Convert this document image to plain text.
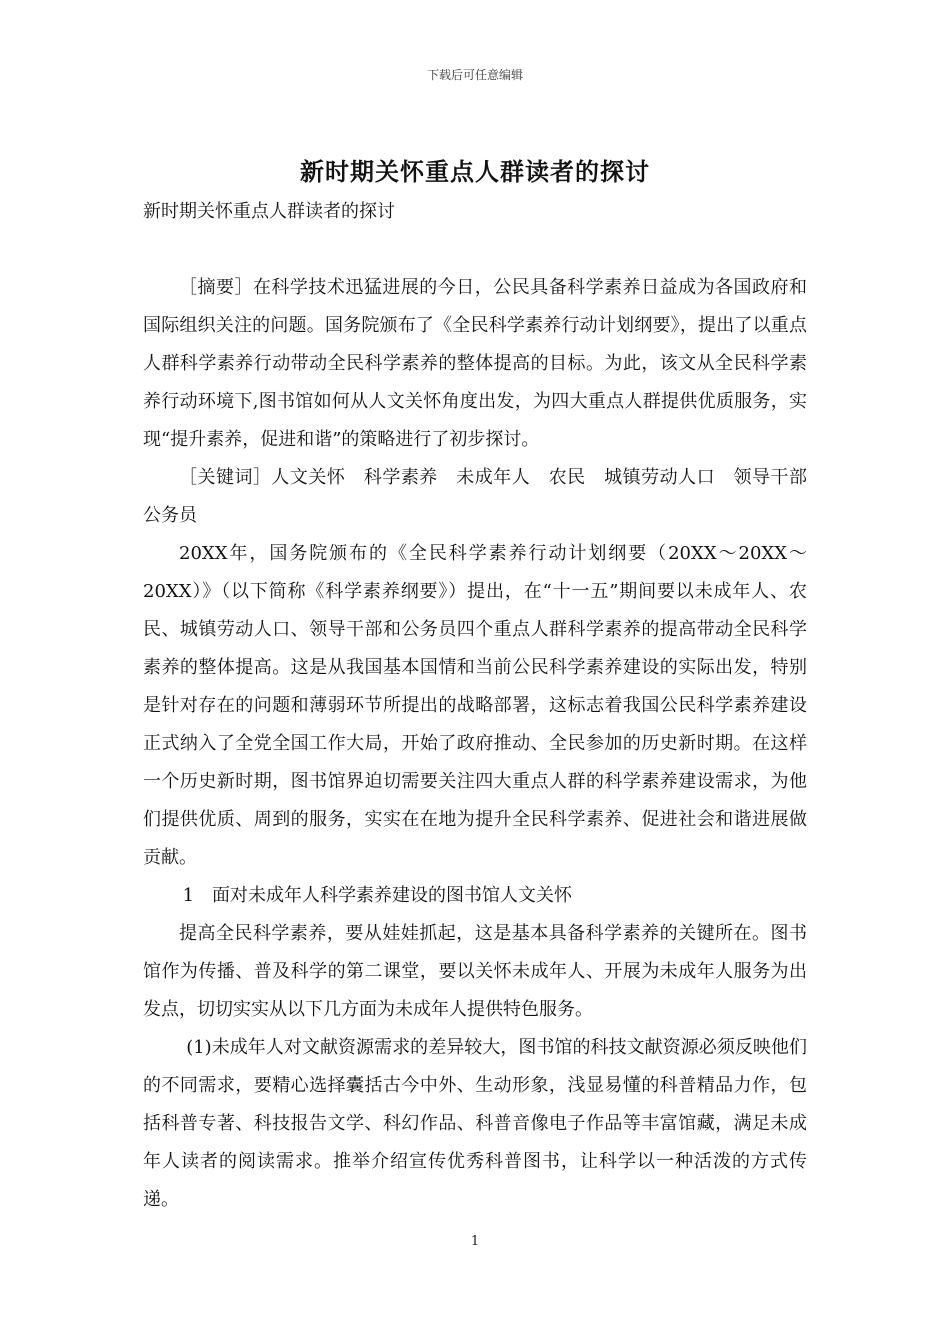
下载后可任意编辑
新时期关怀重点人群读者的探讨

新时期关怀重点人群读者的探讨

［摘要］在科学技术迅猛进展的今日，公民具备科学素养日益成为各国政府和国际组织关注的问题。国务院颁布了《全民科学素养行动计划纲要》，提出了以重点人群科学素养行动带动全民科学素养的整体提高的目标。为此，该文从全民科学素养行动环境下,图书馆如何从人文关怀角度出发，为四大重点人群提供优质服务，实现“提升素养，促进和谐”的策略进行了初步探讨。

［关键词］人文关怀　科学素养　未成年人　农民　城镇劳动人口　领导干部　公务员

20XX年，国务院颁布的《全民科学素养行动计划纲要（20XX～20XX～20XX）》（以下简称《科学素养纲要》）提出，在“十一五”期间要以未成年人、农民、城镇劳动人口、领导干部和公务员四个重点人群科学素养的提高带动全民科学素养的整体提高。这是从我国基本国情和当前公民科学素养建设的实际出发，特别是针对存在的问题和薄弱环节所提出的战略部署，这标志着我国公民科学素养建设正式纳入了全党全国工作大局，开始了政府推动、全民参加的历史新时期。在这样一个历史新时期，图书馆界迫切需要关注四大重点人群的科学素养建设需求，为他们提供优质、周到的服务，实实在在地为提升全民科学素养、促进社会和谐进展做贡献。

1　面对未成年人科学素养建设的图书馆人文关怀

提高全民科学素养，要从娃娃抓起，这是基本具备科学素养的关键所在。图书馆作为传播、普及科学的第二课堂，要以关怀未成年人、开展为未成年人服务为出发点，切切实实从以下几方面为未成年人提供特色服务。

(1)未成年人对文献资源需求的差异较大，图书馆的科技文献资源必须反映他们的不同需求，要精心选择囊括古今中外、生动形象，浅显易懂的科普精品力作，包括科普专著、科技报告文学、科幻作品、科普音像电子作品等丰富馆藏，满足未成年人读者的阅读需求。推举介绍宣传优秀科普图书，让科学以一种活泼的方式传递。

1
